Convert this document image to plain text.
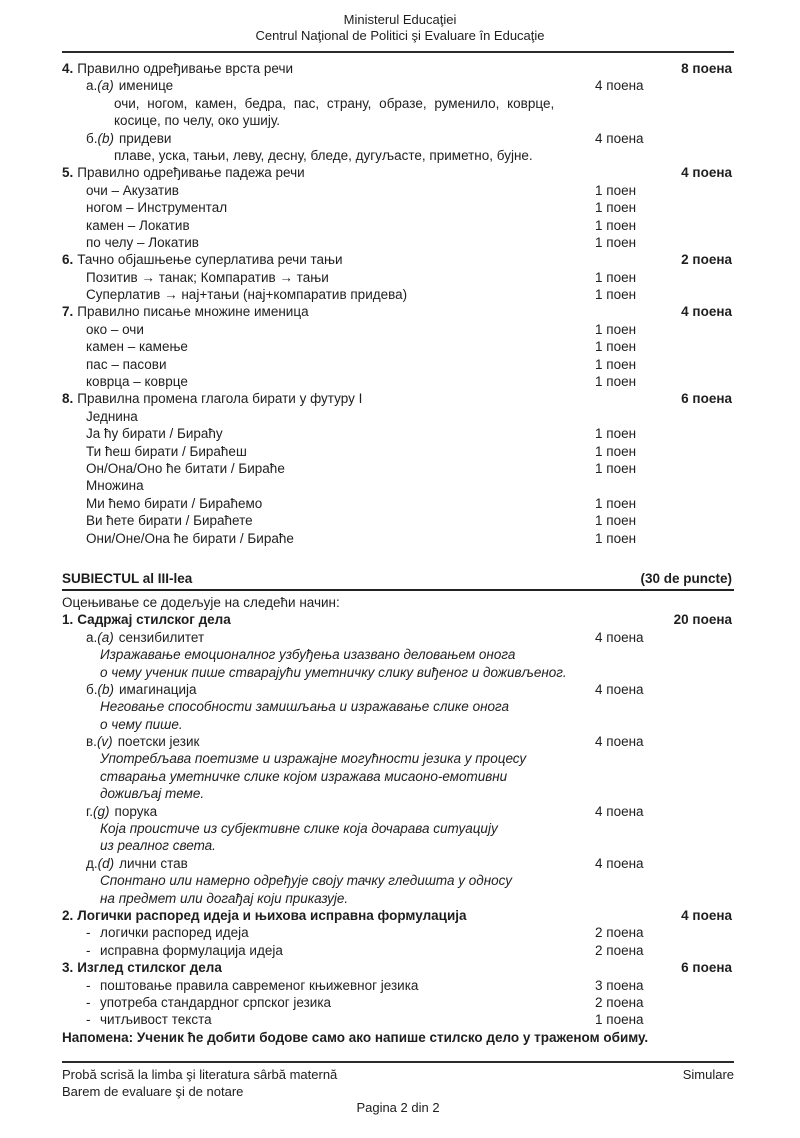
Ministerul Educaţiei
Centrul Naţional de Politici şi Evaluare în Educaţie
4. Правилно одређивање врста речи	8 поена
а.(a) именице	4 поена
очи, ногом, камен, бедра, пас, страну, образе, руменило, коврце,
косице, по челу, око ушију.
б.(b) придеви	4 поена
плаве, уска, тањи, леву, десну, бледе, дугуљасте, приметно, бујне.
5. Правилно одређивање падежа речи	4 поена
очи – Акузатив	1 поен
ногом – Инструментал	1 поен
камен – Локатив	1 поен
по челу – Локатив	1 поен
6. Тачно објашњење суперлатива речи тањи	2 поена
Позитив → танак; Компаратив → тањи	1 поен
Суперлатив → нај+тањи (нај+компаратив придева)	1 поен
7. Правилно писање множине именица	4 поена
око – очи	1 поен
камен – камење	1 поен
пас – пасови	1 поен
коврца – коврце	1 поен
8. Правилна промена глагола бирати у футуру I	6 поена
Једнина
Ја ћу бирати / Бираћу	1 поен
Ти ћеш бирати / Бираћеш	1 поен
Он/Она/Оно ће битати / Бираће	1 поен
Множина
Ми ћемо бирати / Бираћемо	1 поен
Ви ћете бирати / Бираћете	1 поен
Они/Оне/Она ће бирати / Бираће	1 поен
SUBIECTUL al III-lea	(30 de puncte)
Оцењивање се додељује на следећи начин:
1. Садржај стилског дела	20 поена
а.(a) сензибилитет	4 поена
Изражавање емоционалног узбуђења изазвано деловањем онога
о чему ученик пише стварајући уметничку слику виђеног и доживљеног.
б.(b) имагинација	4 поена
Неговање способности замишљања и изражавање слике онога
о чему пише.
в.(v) поетски језик	4 поена
Употребљава поетизме и изражајне могућности језика у процесу
стварања уметничке слике којом изражава мисаоно-емотивни
доживљај теме.
г.(g) порука	4 поена
Која проистиче из субјективне слике која дочарава ситуацију
из реалног света.
д.(d) лични став	4 поена
Спонтано или намерно одређује своју тачку гледишта у односу
на предмет или догађај који приказује.
2. Логички распоред идеја и њихова исправна формулација	4 поена
- логички распоред идеја	2 поена
- исправна формулација идеја	2 поена
3. Изглед стилског дела	6 поена
- поштовање правила савременог књижевног језика	3 поена
- употреба стандардног српског језика	2 поена
- читљивост текста	1 поена
Напомена: Ученик ће добити бодове само ако напише стилско дело у траженом обиму.
Probă scrisă la limba şi literatura sârbă maternă	Simulare
Barem de evaluare şi de notare
Pagina 2 din 2
